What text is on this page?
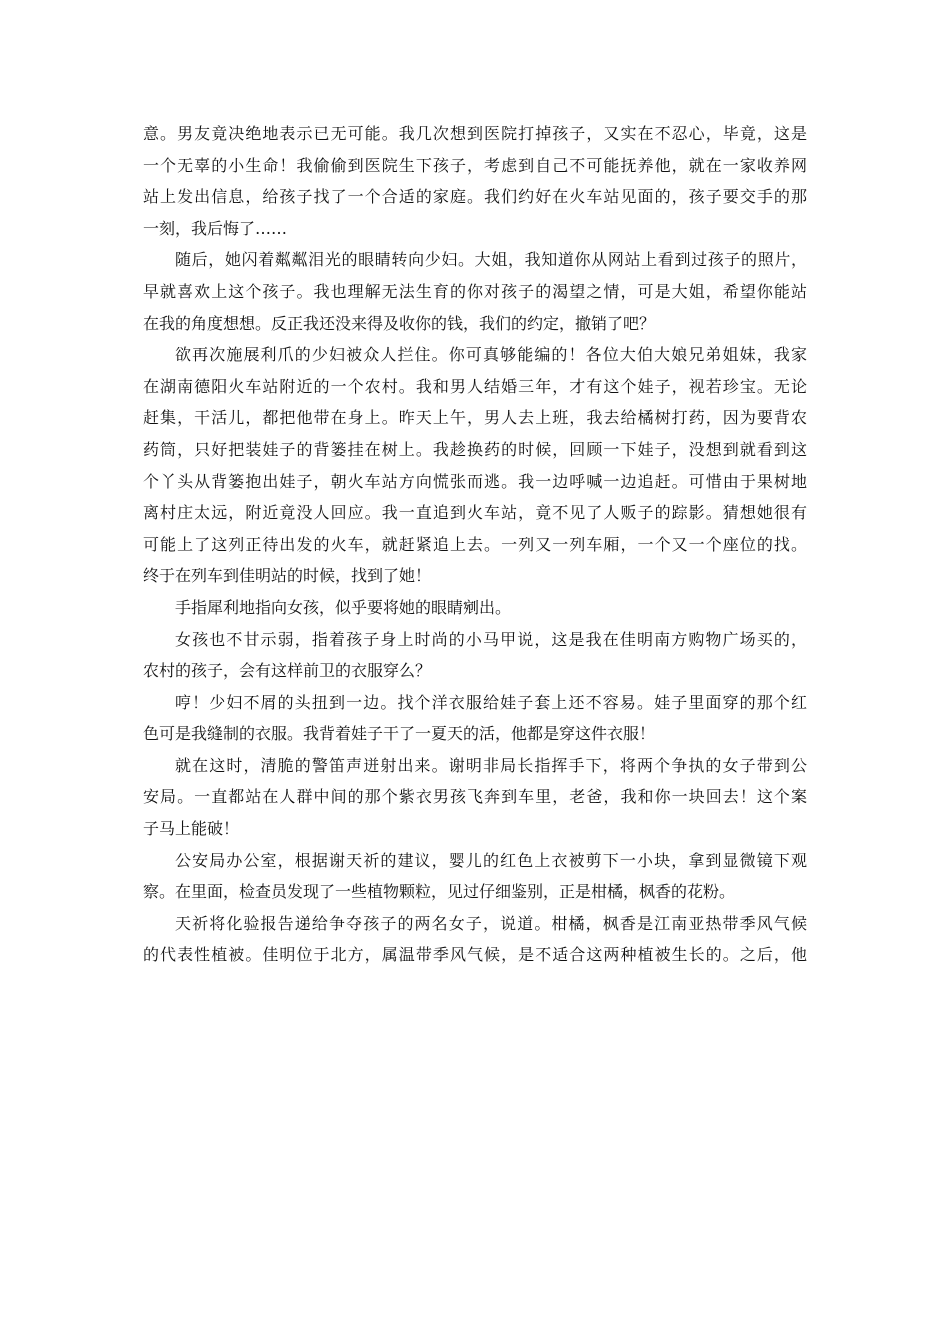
意。男友竟决绝地表示已无可能。我几次想到医院打掉孩子，又实在不忍心，毕竟，这是
一个无辜的小生命！我偷偷到医院生下孩子，考虑到自己不可能抚养他，就在一家收养网
站上发出信息，给孩子找了一个合适的家庭。我们约好在火车站见面的，孩子要交手的那
一刻，我后悔了……
随后，她闪着粼粼泪光的眼睛转向少妇。大姐，我知道你从网站上看到过孩子的照片，
早就喜欢上这个孩子。我也理解无法生育的你对孩子的渴望之情，可是大姐，希望你能站
在我的角度想想。反正我还没来得及收你的钱，我们的约定，撤销了吧？
欲再次施展利爪的少妇被众人拦住。你可真够能编的！各位大伯大娘兄弟姐妹，我家
在湖南德阳火车站附近的一个农村。我和男人结婚三年，才有这个娃子，视若珍宝。无论
赶集，干活儿，都把他带在身上。昨天上午，男人去上班，我去给橘树打药，因为要背农
药筒，只好把装娃子的背篓挂在树上。我趁换药的时候，回顾一下娃子，没想到就看到这
个丫头从背篓抱出娃子，朝火车站方向慌张而逃。我一边呼喊一边追赶。可惜由于果树地
离村庄太远，附近竟没人回应。我一直追到火车站，竟不见了人贩子的踪影。猜想她很有
可能上了这列正待出发的火车，就赶紧追上去。一列又一列车厢，一个又一个座位的找。
终于在列车到佳明站的时候，找到了她！
手指犀利地指向女孩，似乎要将她的眼睛剜出。
女孩也不甘示弱，指着孩子身上时尚的小马甲说，这是我在佳明南方购物广场买的，
农村的孩子，会有这样前卫的衣服穿么？
哼！少妇不屑的头扭到一边。找个洋衣服给娃子套上还不容易。娃子里面穿的那个红
色可是我缝制的衣服。我背着娃子干了一夏天的活，他都是穿这件衣服！
就在这时，清脆的警笛声迸射出来。谢明非局长指挥手下，将两个争执的女子带到公
安局。一直都站在人群中间的那个紫衣男孩飞奔到车里，老爸，我和你一块回去！这个案
子马上能破！
公安局办公室，根据谢天祈的建议，婴儿的红色上衣被剪下一小块，拿到显微镜下观
察。在里面，检查员发现了一些植物颗粒，见过仔细鉴别，正是柑橘，枫香的花粉。
天祈将化验报告递给争夺孩子的两名女子，说道。柑橘，枫香是江南亚热带季风气候
的代表性植被。佳明位于北方，属温带季风气候，是不适合这两种植被生长的。之后，他
